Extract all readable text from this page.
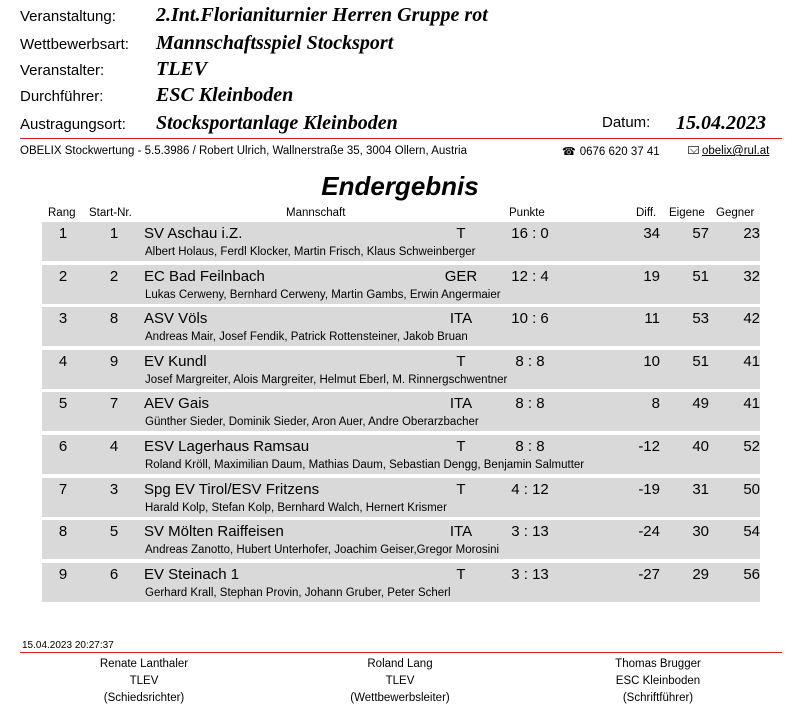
Veranstaltung: 2.Int.Florianiturnier Herren Gruppe rot
Wettbewerbsart: Mannschaftsspiel Stocksport
Veranstalter:	TLEV
Durchführer:	ESC Kleinboden
Austragungsort: Stocksportanlage Kleinboden	Datum: 15.04.2023
OBELIX Stockwertung - 5.5.3986 / Robert Ulrich, Wallnerstraße 35, 3004 Ollern, Austria	☎ 0676 620 37 41	obelix@rul.at
Endergebnis
Rang Start-Nr.	Mannschaft	Punkte	Diff. Eigene Gegner
1	1	SV Aschau i.Z.	T	16 : 0	34	57	23
Albert Holaus, Ferdl Klocker, Martin Frisch, Klaus Schweinberger
2	2	EC Bad Feilnbach	GER	12 : 4	19	51	32
Lukas Cerweny, Bernhard Cerweny, Martin Gambs, Erwin Angermaier
3	8	ASV Völs	ITA	10 : 6	11	53	42
Andreas Mair, Josef Fendik, Patrick Rottensteiner, Jakob Bruan
4	9	EV Kundl	T	8 : 8	10	51	41
Josef Margreiter, Alois Margreiter, Helmut Eberl, M. Rinnergschwentner
5	7	AEV Gais	ITA	8 : 8	8	49	41
Günther Sieder, Dominik Sieder, Aron Auer, Andre Oberarzbacher
6	4	ESV Lagerhaus Ramsau	T	8 : 8	-12	40	52
Roland Kröll, Maximilian Daum, Mathias Daum, Sebastian Dengg, Benjamin Salmutter
7	3	Spg EV Tirol/ESV Fritzens	T	4 : 12	-19	31	50
Harald Kolp, Stefan Kolp, Bernhard Walch, Hernert Krismer
8	5	SV Mölten Raiffeisen	ITA	3 : 13	-24	30	54
Andreas Zanotto, Hubert Unterhofer, Joachim Geiser,Gregor Morosini
9	6	EV Steinach 1	T	3 : 13	-27	29	56
Gerhard Krall, Stephan Provin, Johann Gruber, Peter Scherl
15.04.2023 20:27:37
Renate Lanthaler
TLEV
(Schiedsrichter)
Roland Lang
TLEV
(Wettbewerbsleiter)
Thomas Brugger
ESC Kleinboden
(Schriftführer)
